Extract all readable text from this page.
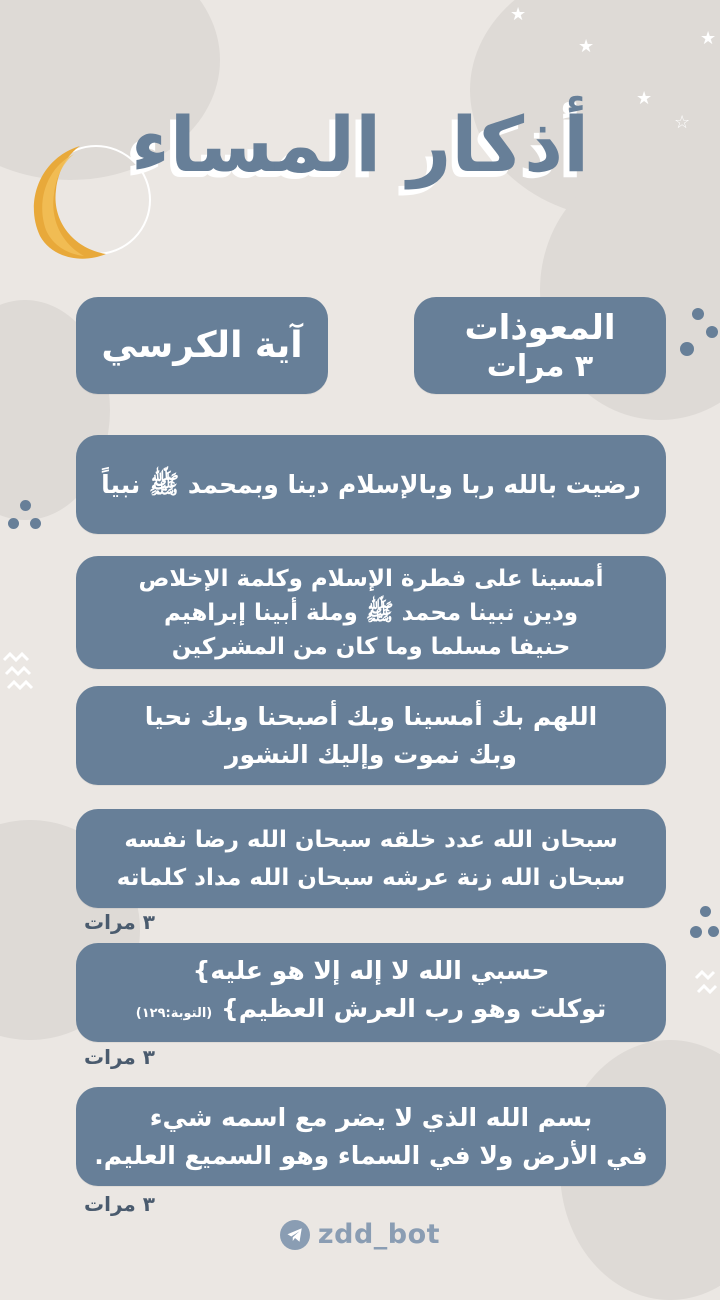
★
★
★
☆
★
أذكار المساء
المعوذات
٣ مرات
آية الكرسي
رضيت بالله ربا وبالإسلام دينا وبمحمد ﷺ نبياً
أمسينا على فطرة الإسلام وكلمة الإخلاص
ودين نبينا محمد ﷺ وملة أبينا إبراهيم
حنيفا مسلما وما كان من المشركين
اللهم بك أمسينا وبك أصبحنا وبك نحيا
وبك نموت وإليك النشور
سبحان الله عدد خلقه سبحان الله رضا نفسه
سبحان الله زنة عرشه سبحان الله مداد كلماته
٣ مرات
حسبي الله لا إله إلا هو عليه}
توكلت وهو رب العرش العظيم} (التوبة:١٢٩)
٣ مرات
بسم الله الذي لا يضر مع اسمه شيء
في الأرض ولا في السماء وهو السميع العليم.
٣ مرات
zdd_bot
